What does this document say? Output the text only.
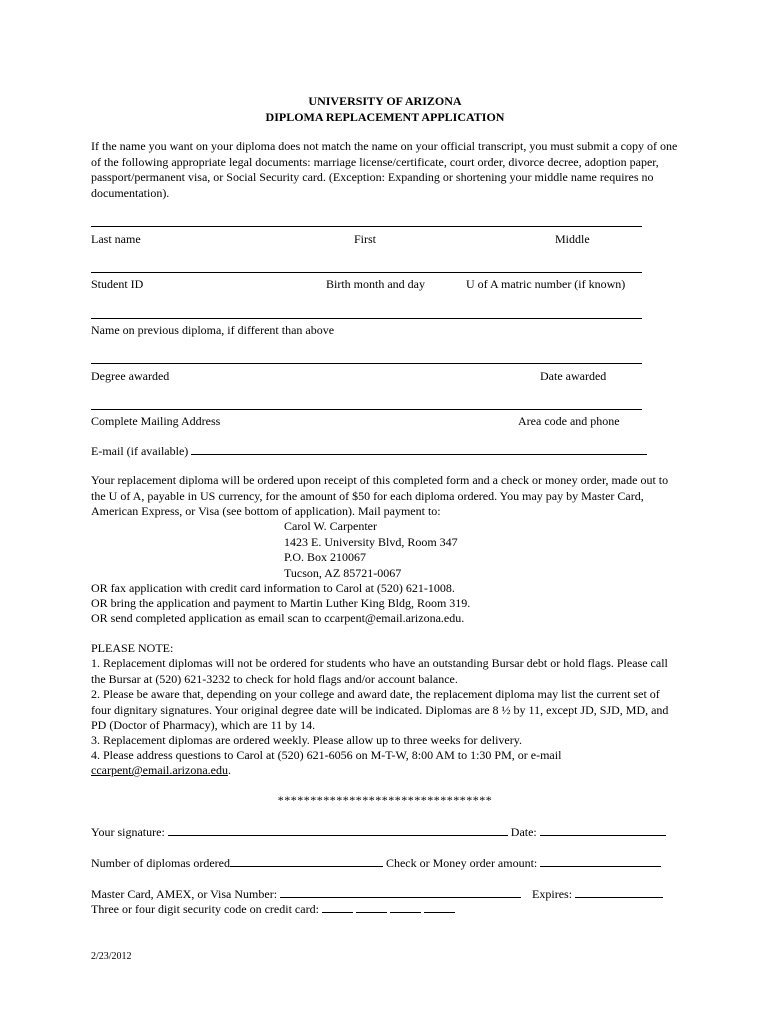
UNIVERSITY OF ARIZONA
DIPLOMA REPLACEMENT APPLICATION
If the name you want on your diploma does not match the name on your official transcript, you must submit a copy of one of the following appropriate legal documents: marriage license/certificate, court order, divorce decree, adoption paper, passport/permanent visa, or Social Security card. (Exception: Expanding or shortening your middle name requires no documentation).
Last name	First	Middle
Student ID	Birth month and day	U of A matric number (if known)
Name on previous diploma, if different than above
Degree awarded	Date awarded
Complete Mailing Address	Area code and phone
E-mail (if available)
Your replacement diploma will be ordered upon receipt of this completed form and a check or money order, made out to the U of A, payable in US currency, for the amount of $50 for each diploma ordered. You may pay by Master Card, American Express, or Visa (see bottom of application). Mail payment to:
Carol W. Carpenter
1423 E. University Blvd, Room 347
P.O. Box 210067
Tucson, AZ 85721-0067
OR fax application with credit card information to Carol at (520) 621-1008.
OR bring the application and payment to Martin Luther King Bldg, Room 319.
OR send completed application as email scan to ccarpent@email.arizona.edu.
PLEASE NOTE:
1. Replacement diplomas will not be ordered for students who have an outstanding Bursar debt or hold flags. Please call the Bursar at (520) 621-3232 to check for hold flags and/or account balance.
2. Please be aware that, depending on your college and award date, the replacement diploma may list the current set of four dignitary signatures. Your original degree date will be indicated. Diplomas are 8 ½ by 11, except JD, SJD, MD, and PD (Doctor of Pharmacy), which are 11 by 14.
3. Replacement diplomas are ordered weekly. Please allow up to three weeks for delivery.
4. Please address questions to Carol at (520) 621-6056 on M-T-W, 8:00 AM to 1:30 PM, or e-mail
ccarpent@email.arizona.edu.
*********************************
Your signature:	Date:
Number of diplomas ordered	Check or Money order amount:
Master Card, AMEX, or Visa Number:	Expires:
Three or four digit security code on credit card:
2/23/2012
